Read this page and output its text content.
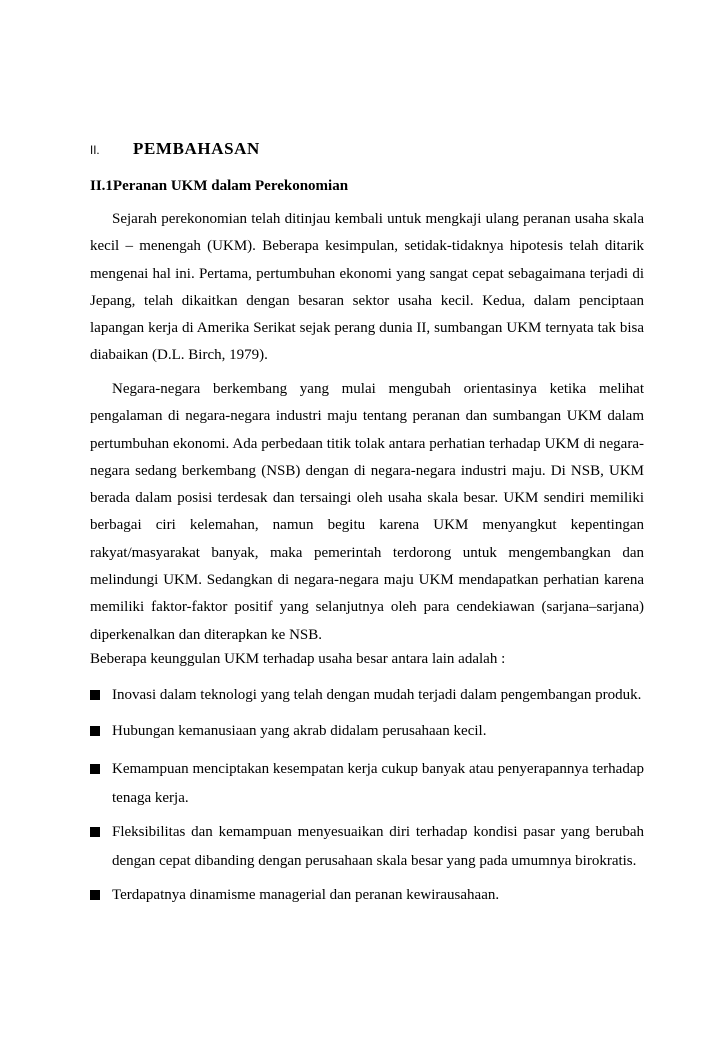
II. PEMBAHASAN
II.1Peranan UKM dalam Perekonomian

Sejarah perekonomian telah ditinjau kembali untuk mengkaji ulang peranan usaha skala kecil – menengah (UKM). Beberapa kesimpulan, setidak-tidaknya hipotesis telah ditarik mengenai hal ini. Pertama, pertumbuhan ekonomi yang sangat cepat sebagaimana terjadi di Jepang, telah dikaitkan dengan besaran sektor usaha kecil. Kedua, dalam penciptaan lapangan kerja di Amerika Serikat sejak perang dunia II, sumbangan UKM ternyata tak bisa diabaikan (D.L. Birch, 1979).

Negara-negara berkembang yang mulai mengubah orientasinya ketika melihat pengalaman di negara-negara industri maju tentang peranan dan sumbangan UKM dalam pertumbuhan ekonomi. Ada perbedaan titik tolak antara perhatian terhadap UKM di negara-negara sedang berkembang (NSB) dengan di negara-negara industri maju. Di NSB, UKM berada dalam posisi terdesak dan tersaingi oleh usaha skala besar. UKM sendiri memiliki berbagai ciri kelemahan, namun begitu karena UKM menyangkut kepentingan rakyat/masyarakat banyak, maka pemerintah terdorong untuk mengembangkan dan melindungi UKM. Sedangkan di negara-negara maju UKM mendapatkan perhatian karena memiliki faktor-faktor positif yang selanjutnya oleh para cendekiawan (sarjana–sarjana) diperkenalkan dan diterapkan ke NSB.

Beberapa keunggulan UKM terhadap usaha besar antara lain adalah :
Inovasi dalam teknologi yang telah dengan mudah terjadi dalam pengembangan produk.
Hubungan kemanusiaan yang akrab didalam perusahaan kecil.
Kemampuan menciptakan kesempatan kerja cukup banyak atau penyerapannya terhadap tenaga kerja.
Fleksibilitas dan kemampuan menyesuaikan diri terhadap kondisi pasar yang berubah dengan cepat dibanding dengan perusahaan skala besar yang pada umumnya birokratis.
Terdapatnya dinamisme managerial dan peranan kewirausahaan.
